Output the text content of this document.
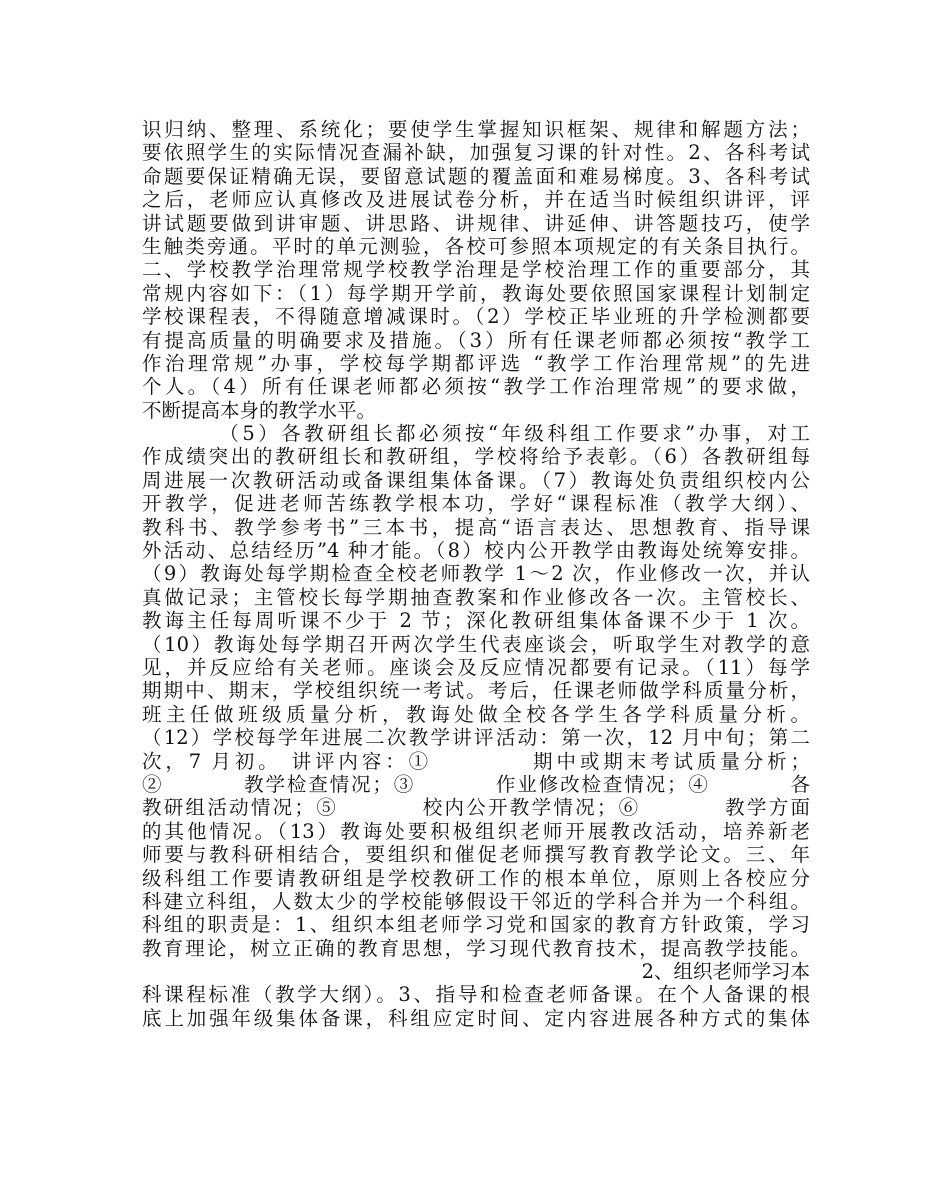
识归纳、整理、系统化；要使学生掌握知识框架、规律和解题方法；
要依照学生的实际情况查漏补缺，加强复习课的针对性。2、各科考试
命题要保证精确无误，要留意试题的覆盖面和难易梯度。3、各科考试
之后，老师应认真修改及进展试卷分析，并在适当时候组织讲评，评
讲试题要做到讲审题、讲思路、讲规律、讲延伸、讲答题技巧，使学
生触类旁通。平时的单元测验，各校可参照本项规定的有关条目执行。
二、学校教学治理常规学校教学治理是学校治理工作的重要部分，其
常规内容如下：（1）每学期开学前，教诲处要依照国家课程计划制定
学校课程表，不得随意增减课时。（2）学校正毕业班的升学检测都要
有提高质量的明确要求及措施。（3）所有任课老师都必须按“教学工
作治理常规”办事，学校每学期都评选 “教学工作治理常规”的先进
个人。（4）所有任课老师都必须按“教学工作治理常规”的要求做，
不断提高本身的教学水平。
（5）各教研组长都必须按“年级科组工作要求”办事，对工
作成绩突出的教研组长和教研组，学校将给予表彰。（6）各教研组每
周进展一次教研活动或备课组集体备课。（7）教诲处负责组织校内公
开教学，促进老师苦练教学根本功，学好“课程标准（教学大纲）、
教科书、教学参考书”三本书，提高“语言表达、思想教育、指导课
外活动、总结经历”4 种才能。（8）校内公开教学由教诲处统筹安排。
（9）教诲处每学期检查全校老师教学 1～2 次，作业修改一次，并认
真做记录；主管校长每学期抽查教案和作业修改各一次。主管校长、
教诲主任每周听课不少于 2 节；深化教研组集体备课不少于 1 次。
（10）教诲处每学期召开两次学生代表座谈会，听取学生对教学的意
见，并反应给有关老师。座谈会及反应情况都要有记录。（11）每学
期期中、期末，学校组织统一考试。考后，任课老师做学科质量分析，
班主任做班级质量分析，教诲处做全校各学生各学科质量分析。
（12）学校每学年进展二次教学讲评活动：第一次，12 月中旬；第二
次，7 月初。 讲评内容：①          期中或期末考试质量分析；
②          教学检查情况；③          作业修改检查情况；④          各
教研组活动情况；⑤          校内公开教学情况；⑥          教学方面
的其他情况。（13）教诲处要积极组织老师开展教改活动，培养新老
师要与教科研相结合，要组织和催促老师撰写教育教学论文。三、年
级科组工作要请教研组是学校教研工作的根本单位，原则上各校应分
科建立科组，人数太少的学校能够假设干邻近的学科合并为一个科组。
科组的职责是：1、组织本组老师学习党和国家的教育方针政策，学习
教育理论，树立正确的教育思想，学习现代教育技术，提高教学技能。
2、组织老师学习本
科课程标准（教学大纲）。3、指导和检查老师备课。在个人备课的根
底上加强年级集体备课，科组应定时间、定内容进展各种方式的集体
